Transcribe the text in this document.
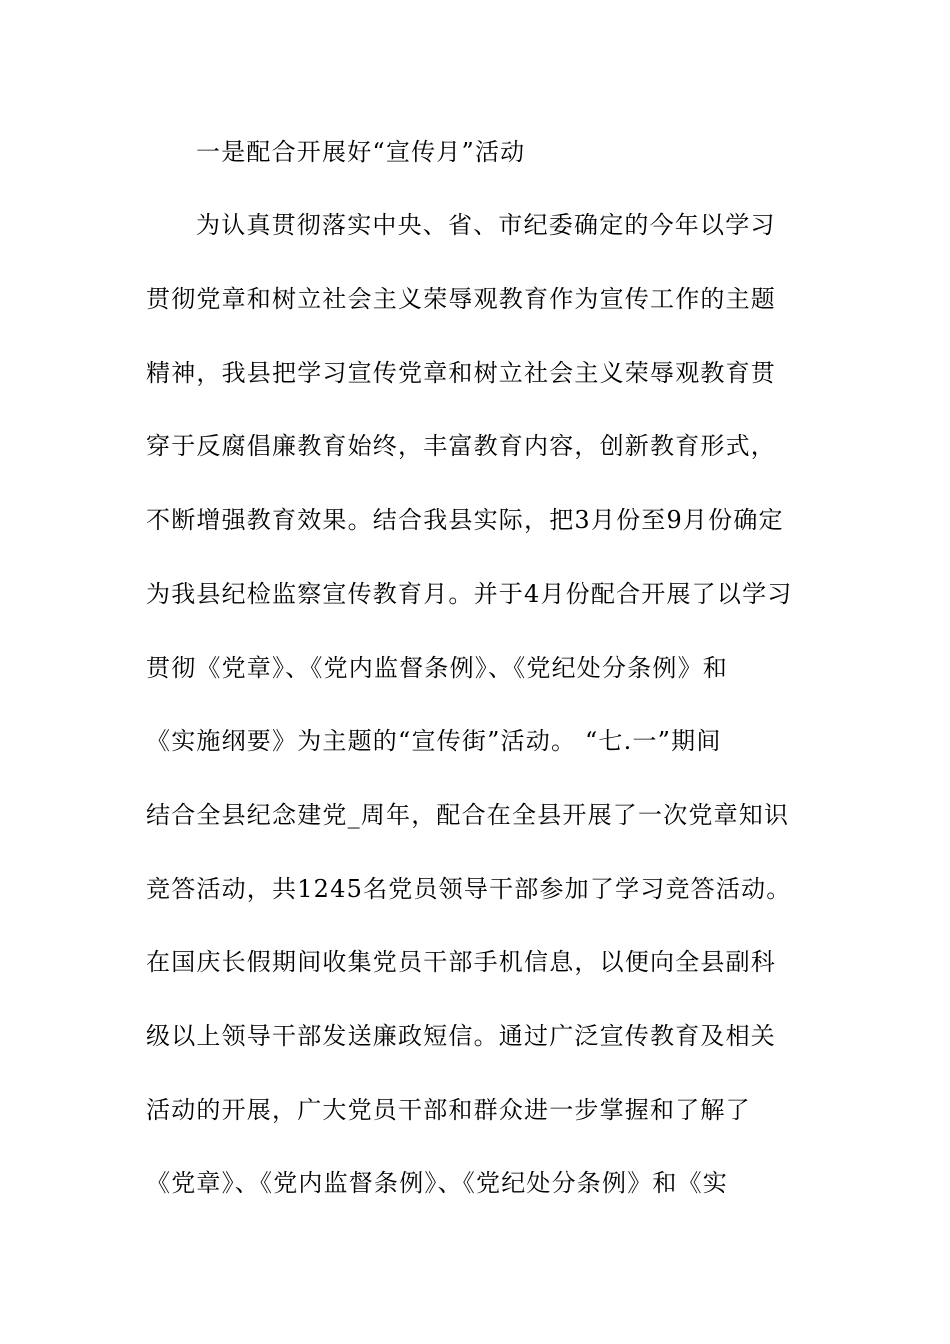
一是配合开展好“宣传月”活动
为认真贯彻落实中央、省、市纪委确定的今年以学习
贯彻党章和树立社会主义荣辱观教育作为宣传工作的主题
精神，我县把学习宣传党章和树立社会主义荣辱观教育贯
穿于反腐倡廉教育始终，丰富教育内容，创新教育形式，
不断增强教育效果。结合我县实际，把3月份至9月份确定
为我县纪检监察宣传教育月。并于4月份配合开展了以学习
贯彻《党章》、《党内监督条例》、《党纪处分条例》和
《实施纲要》为主题的“宣传街”活动。 “七.一”期间
结合全县纪念建党_周年，配合在全县开展了一次党章知识
竞答活动，共1245名党员领导干部参加了学习竞答活动。
在国庆长假期间收集党员干部手机信息，以便向全县副科
级以上领导干部发送廉政短信。通过广泛宣传教育及相关
活动的开展，广大党员干部和群众进一步掌握和了解了
《党章》、《党内监督条例》、《党纪处分条例》和《实
